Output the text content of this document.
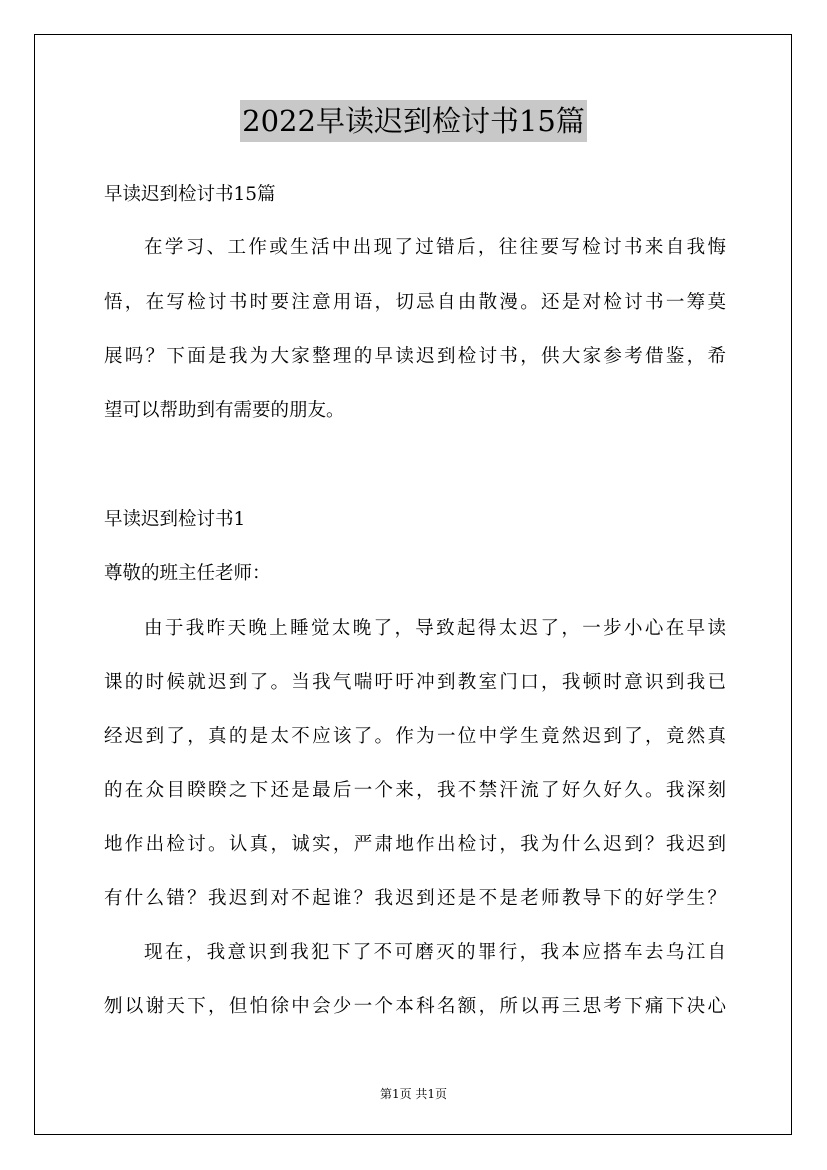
2022早读迟到检讨书15篇
早读迟到检讨书15篇
在学习、工作或生活中出现了过错后，往往要写检讨书来自我悔
悟，在写检讨书时要注意用语，切忌自由散漫。还是对检讨书一筹莫
展吗？下面是我为大家整理的早读迟到检讨书，供大家参考借鉴，希
望可以帮助到有需要的朋友。
早读迟到检讨书1
尊敬的班主任老师：
由于我昨天晚上睡觉太晚了，导致起得太迟了，一步小心在早读
课的时候就迟到了。当我气喘吁吁冲到教室门口，我顿时意识到我已
经迟到了，真的是太不应该了。作为一位中学生竟然迟到了，竟然真
的在众目睽睽之下还是最后一个来，我不禁汗流了好久好久。我深刻
地作出检讨。认真，诚实，严肃地作出检讨，我为什么迟到？我迟到
有什么错？我迟到对不起谁？我迟到还是不是老师教导下的好学生？
现在，我意识到我犯下了不可磨灭的罪行，我本应搭车去乌江自
刎以谢天下，但怕徐中会少一个本科名额，所以再三思考下痛下决心
第1页 共1页
